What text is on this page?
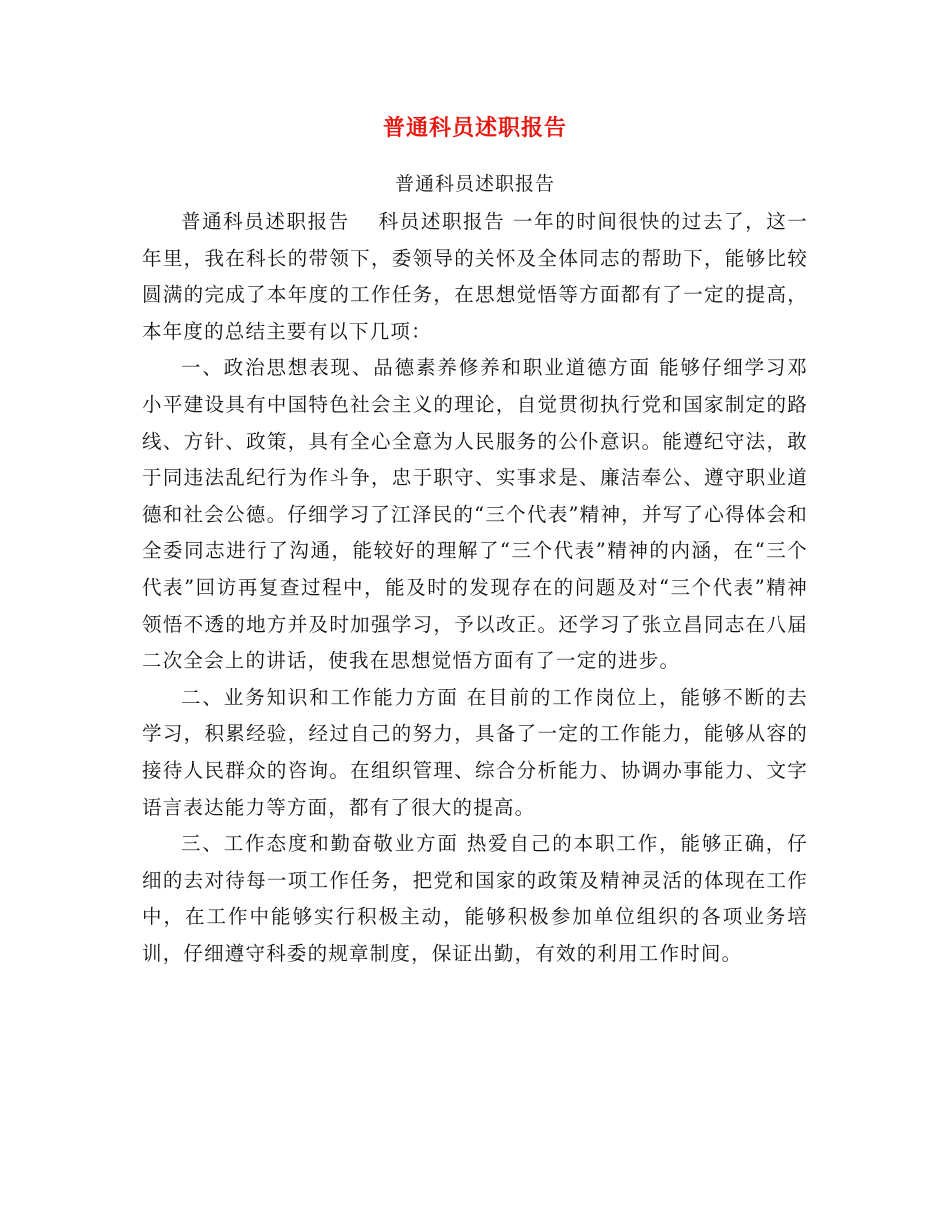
普通科员述职报告

普通科员述职报告

普通科员述职报告　 科员述职报告 一年的时间很快的过去了，这一年里，我在科长的带领下，委领导的关怀及全体同志的帮助下，能够比较圆满的完成了本年度的工作任务，在思想觉悟等方面都有了一定的提高，本年度的总结主要有以下几项：

一、政治思想表现、品德素养修养和职业道德方面 能够仔细学习邓小平建设具有中国特色社会主义的理论，自觉贯彻执行党和国家制定的路线、方针、政策，具有全心全意为人民服务的公仆意识。能遵纪守法，敢于同违法乱纪行为作斗争，忠于职守、实事求是、廉洁奉公、遵守职业道德和社会公德。仔细学习了江泽民的“三个代表”精神，并写了心得体会和全委同志进行了沟通，能较好的理解了“三个代表”精神的内涵，在“三个代表”回访再复查过程中，能及时的发现存在的问题及对“三个代表”精神领悟不透的地方并及时加强学习，予以改正。还学习了张立昌同志在八届二次全会上的讲话，使我在思想觉悟方面有了一定的进步。

二、业务知识和工作能力方面 在目前的工作岗位上，能够不断的去学习，积累经验，经过自己的努力，具备了一定的工作能力，能够从容的接待人民群众的咨询。在组织管理、综合分析能力、协调办事能力、文字语言表达能力等方面，都有了很大的提高。

三、工作态度和勤奋敬业方面 热爱自己的本职工作，能够正确，仔细的去对待每一项工作任务，把党和国家的政策及精神灵活的体现在工作中，在工作中能够实行积极主动，能够积极参加单位组织的各项业务培训，仔细遵守科委的规章制度，保证出勤，有效的利用工作时间。
